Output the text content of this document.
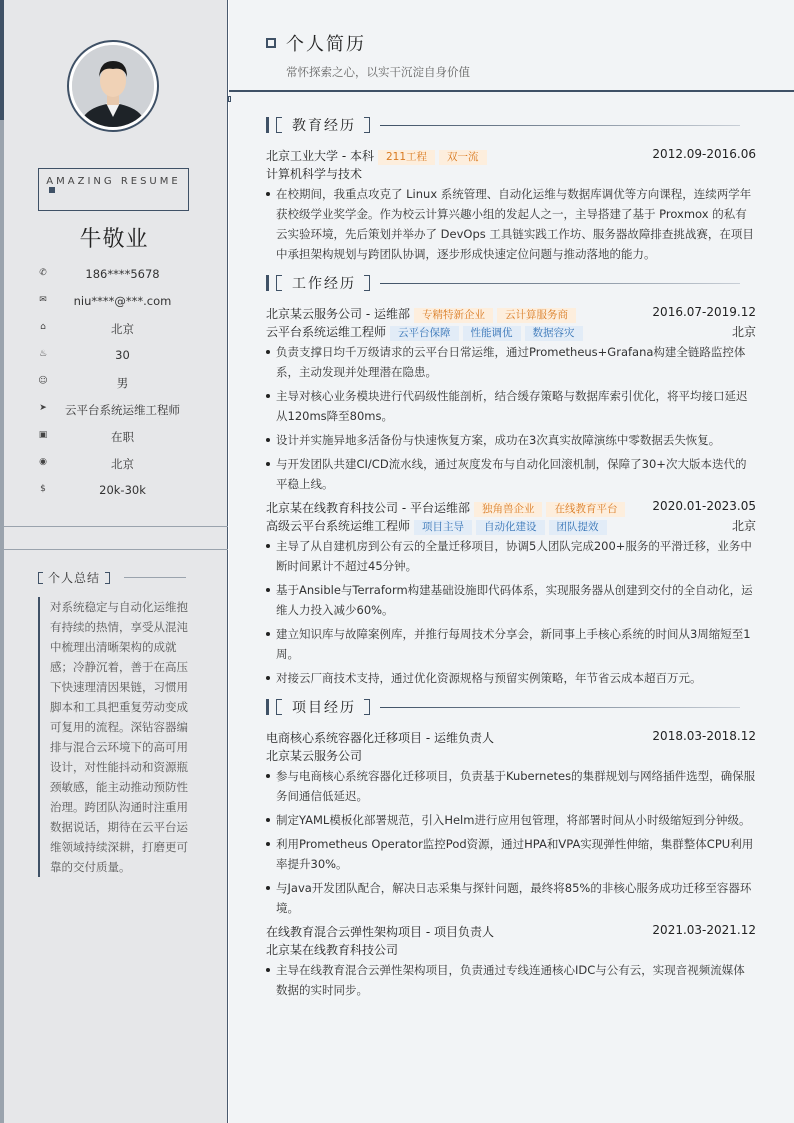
AMAZING RESUME
牛敬业
✆	186****5678
✉	niu****@***.com
⌂	北京
♨	30
☺	男
➤	云平台系统运维工程师
▣	在职
◉	北京
$	20k-30k
个人总结
对系统稳定与自动化运维抱有持续的热情，享受从混沌中梳理出清晰架构的成就感；冷静沉着，善于在高压下快速理清因果链，习惯用脚本和工具把重复劳动变成可复用的流程。深钻容器编排与混合云环境下的高可用设计，对性能抖动和资源瓶颈敏感，能主动推动预防性治理。跨团队沟通时注重用数据说话，期待在云平台运维领域持续深耕，打磨更可靠的交付质量。
个人简历
常怀探索之心，以实干沉淀自身价值
教育经历
北京工业大学 - 本科 211工程 双一流	2012.09-2016.06
计算机科学与技术
在校期间，我重点攻克了 Linux 系统管理、自动化运维与数据库调优等方向课程，连续两学年获校级学业奖学金。作为校云计算兴趣小组的发起人之一，主导搭建了基于 Proxmox 的私有云实验环境，先后策划并举办了 DevOps 工具链实践工作坊、服务器故障排查挑战赛，在项目中承担架构规划与跨团队协调，逐步形成快速定位问题与推动落地的能力。
工作经历
北京某云服务公司 - 运维部 专精特新企业 云计算服务商	2016.07-2019.12
云平台系统运维工程师 云平台保障 性能调优 数据容灾	北京
负责支撑日均千万级请求的云平台日常运维，通过Prometheus+Grafana构建全链路监控体系，主动发现并处理潜在隐患。
主导对核心业务模块进行代码级性能剖析，结合缓存策略与数据库索引优化，将平均接口延迟从120ms降至80ms。
设计并实施异地多活备份与快速恢复方案，成功在3次真实故障演练中零数据丢失恢复。
与开发团队共建CI/CD流水线，通过灰度发布与自动化回滚机制，保障了30+次大版本迭代的平稳上线。
北京某在线教育科技公司 - 平台运维部 独角兽企业 在线教育平台	2020.01-2023.05
高级云平台系统运维工程师 项目主导 自动化建设 团队提效	北京
主导了从自建机房到公有云的全量迁移项目，协调5人团队完成200+服务的平滑迁移，业务中断时间累计不超过45分钟。
基于Ansible与Terraform构建基础设施即代码体系，实现服务器从创建到交付的全自动化，运维人力投入减少60%。
建立知识库与故障案例库，并推行每周技术分享会，新同事上手核心系统的时间从3周缩短至1周。
对接云厂商技术支持，通过优化资源规格与预留实例策略，年节省云成本超百万元。
项目经历
电商核心系统容器化迁移项目 - 运维负责人	2018.03-2018.12
北京某云服务公司
参与电商核心系统容器化迁移项目，负责基于Kubernetes的集群规划与网络插件选型，确保服务间通信低延迟。
制定YAML模板化部署规范，引入Helm进行应用包管理，将部署时间从小时级缩短到分钟级。
利用Prometheus Operator监控Pod资源，通过HPA和VPA实现弹性伸缩，集群整体CPU利用率提升30%。
与Java开发团队配合，解决日志采集与探针问题，最终将85%的非核心服务成功迁移至容器环境。
在线教育混合云弹性架构项目 - 项目负责人	2021.03-2021.12
北京某在线教育科技公司
主导在线教育混合云弹性架构项目，负责通过专线连通核心IDC与公有云，实现音视频流媒体数据的实时同步。
